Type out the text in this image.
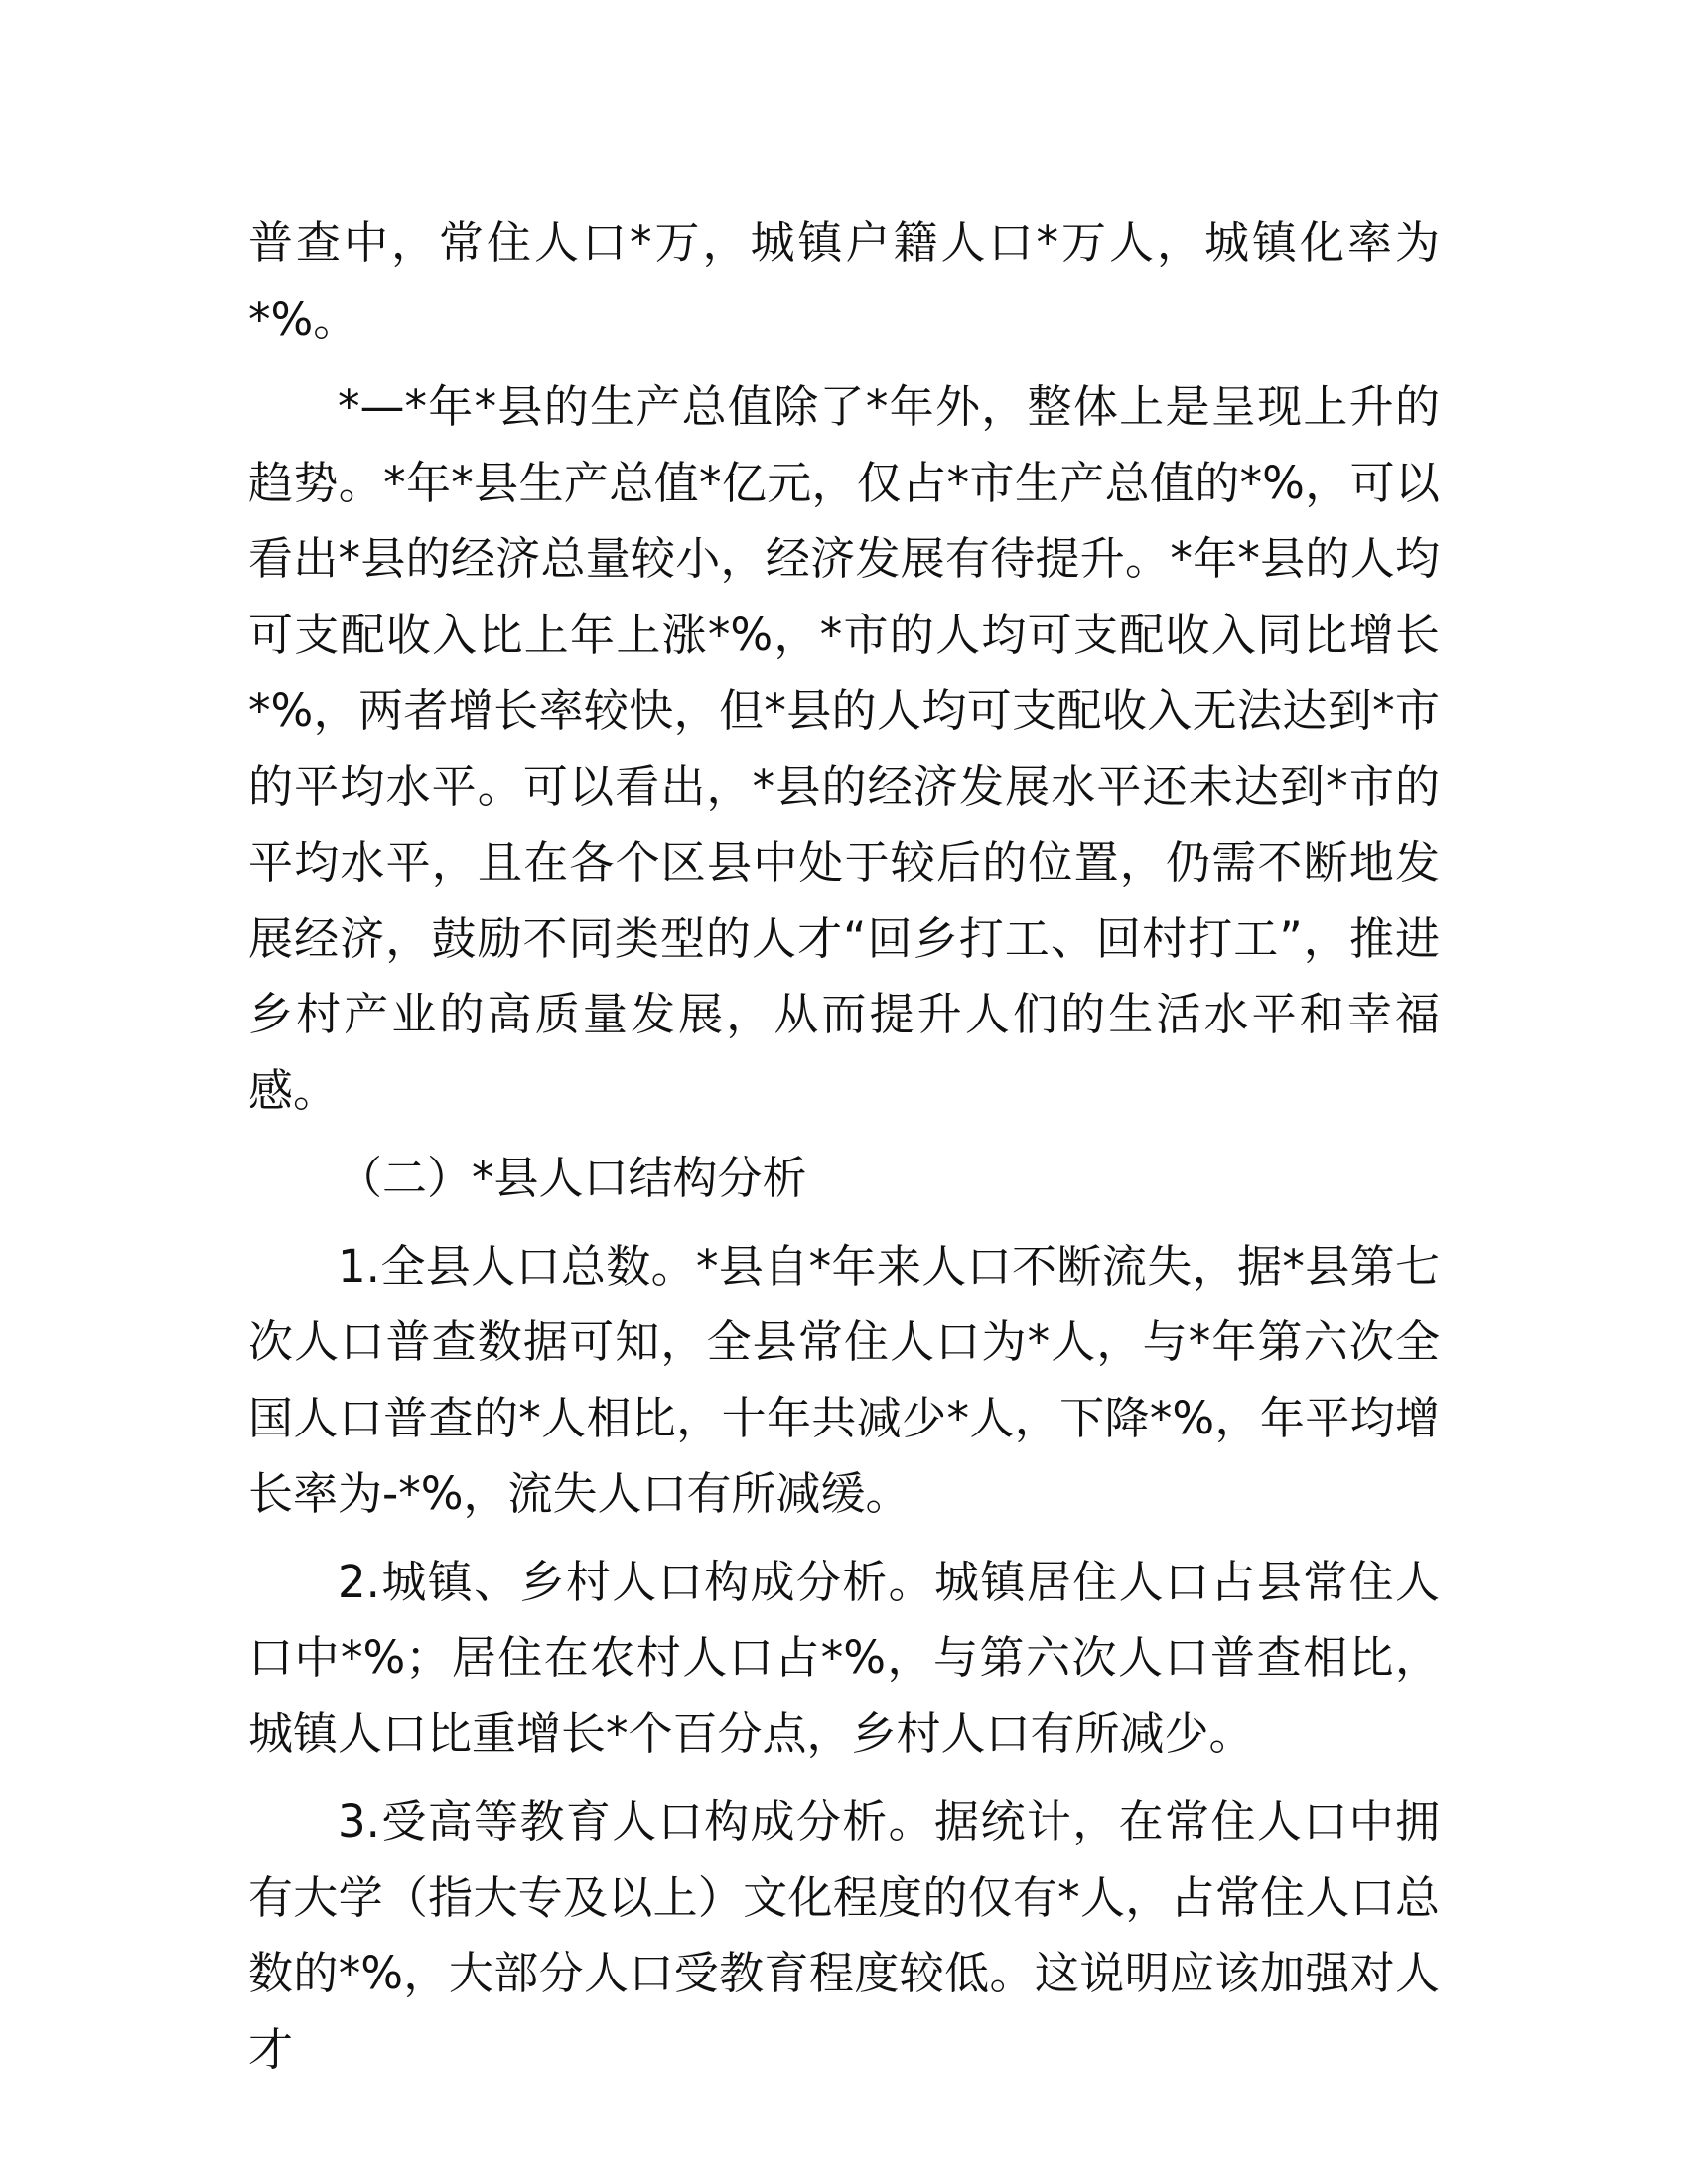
普查中，常住人口*万，城镇户籍人口*万人，城镇化率为*%。

*—*年*县的生产总值除了*年外，整体上是呈现上升的趋势。*年*县生产总值*亿元，仅占*市生产总值的*%，可以看出*县的经济总量较小，经济发展有待提升。*年*县的人均可支配收入比上年上涨*%，*市的人均可支配收入同比增长*%，两者增长率较快，但*县的人均可支配收入无法达到*市的平均水平。可以看出，*县的经济发展水平还未达到*市的平均水平，且在各个区县中处于较后的位置，仍需不断地发展经济，鼓励不同类型的人才“回乡打工、回村打工”，推进乡村产业的高质量发展，从而提升人们的生活水平和幸福感。

（二）*县人口结构分析

1.全县人口总数。*县自*年来人口不断流失，据*县第七次人口普查数据可知，全县常住人口为*人，与*年第六次全国人口普查的*人相比，十年共减少*人，下降*%，年平均增长率为-*%，流失人口有所减缓。

2.城镇、乡村人口构成分析。城镇居住人口占县常住人口中*%；居住在农村人口占*%，与第六次人口普查相比，城镇人口比重增长*个百分点，乡村人口有所减少。

3.受高等教育人口构成分析。据统计，在常住人口中拥有大学（指大专及以上）文化程度的仅有*人，占常住人口总数的*%，大部分人口受教育程度较低。这说明应该加强对人才
